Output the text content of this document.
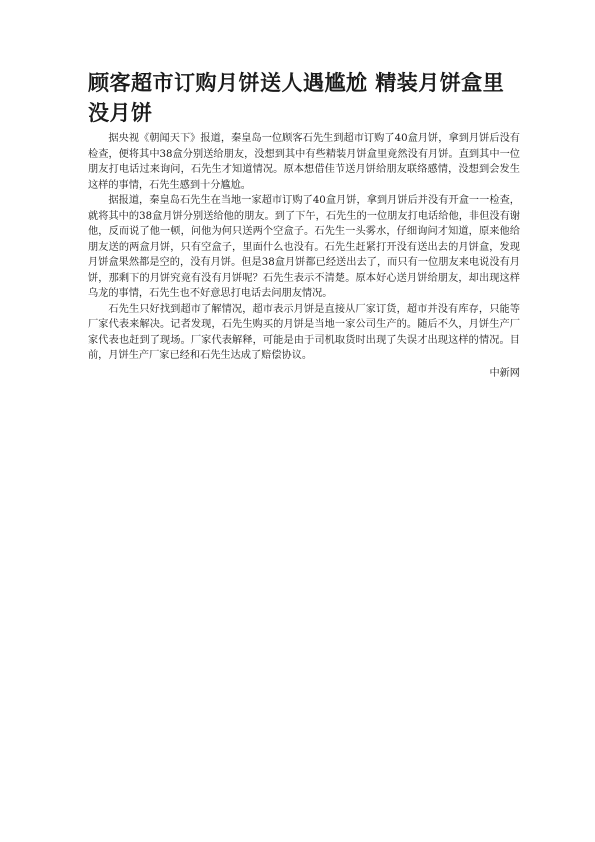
顾客超市订购月饼送人遇尴尬 精装月饼盒里没月饼

据央视《朝闻天下》报道，秦皇岛一位顾客石先生到超市订购了40盒月饼，拿到月饼后没有检查，便将其中38盒分别送给朋友，没想到其中有些精装月饼盒里竟然没有月饼。直到其中一位朋友打电话过来询问，石先生才知道情况。原本想借佳节送月饼给朋友联络感情，没想到会发生这样的事情，石先生感到十分尴尬。

据报道，秦皇岛石先生在当地一家超市订购了40盒月饼，拿到月饼后并没有开盒一一检查，就将其中的38盒月饼分别送给他的朋友。到了下午，石先生的一位朋友打电话给他，非但没有谢他，反而说了他一顿，问他为何只送两个空盒子。石先生一头雾水，仔细询问才知道，原来他给朋友送的两盒月饼，只有空盒子，里面什么也没有。石先生赶紧打开没有送出去的月饼盒，发现月饼盒果然都是空的，没有月饼。但是38盒月饼都已经送出去了，而只有一位朋友来电说没有月饼，那剩下的月饼究竟有没有月饼呢？石先生表示不清楚。原本好心送月饼给朋友，却出现这样乌龙的事情，石先生也不好意思打电话去问朋友情况。

石先生只好找到超市了解情况，超市表示月饼是直接从厂家订货，超市并没有库存，只能等厂家代表来解决。记者发现，石先生购买的月饼是当地一家公司生产的。随后不久，月饼生产厂家代表也赶到了现场。厂家代表解释，可能是由于司机取货时出现了失误才出现这样的情况。目前，月饼生产厂家已经和石先生达成了赔偿协议。

中新网
